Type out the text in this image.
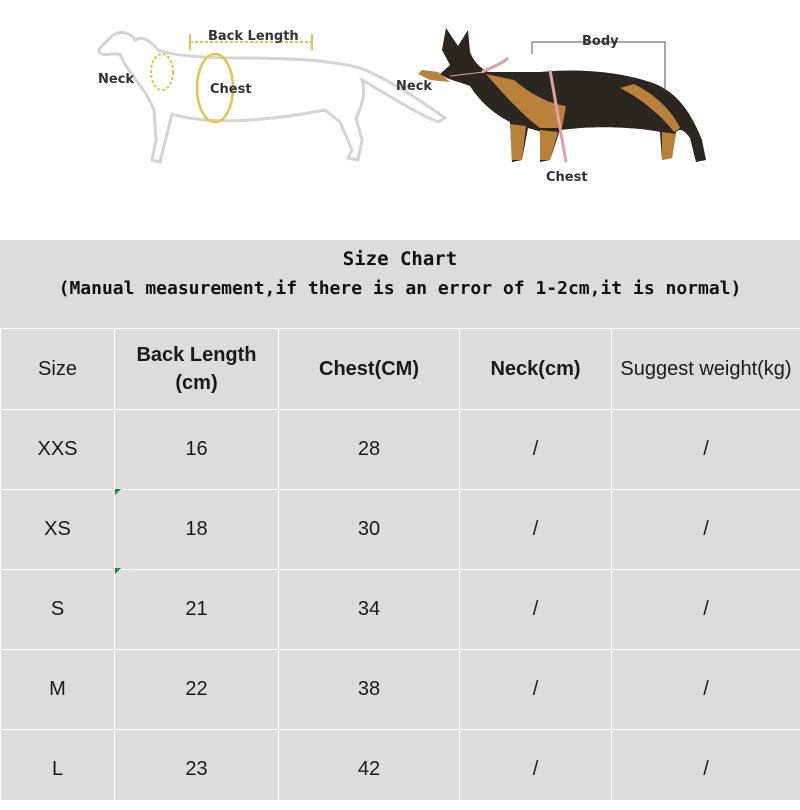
Back Length
Neck
Chest
Body
Neck
Chest
Size Chart
(Manual measurement,if there is an error of 1-2cm,it is normal)
Size	Back Length (cm)	Chest(CM)	Neck(cm)	Suggest weight(kg)
XXS	16	28	/	/
XS	18	30	/	/
S	21	34	/	/
M	22	38	/	/
L	23	42	/	/
